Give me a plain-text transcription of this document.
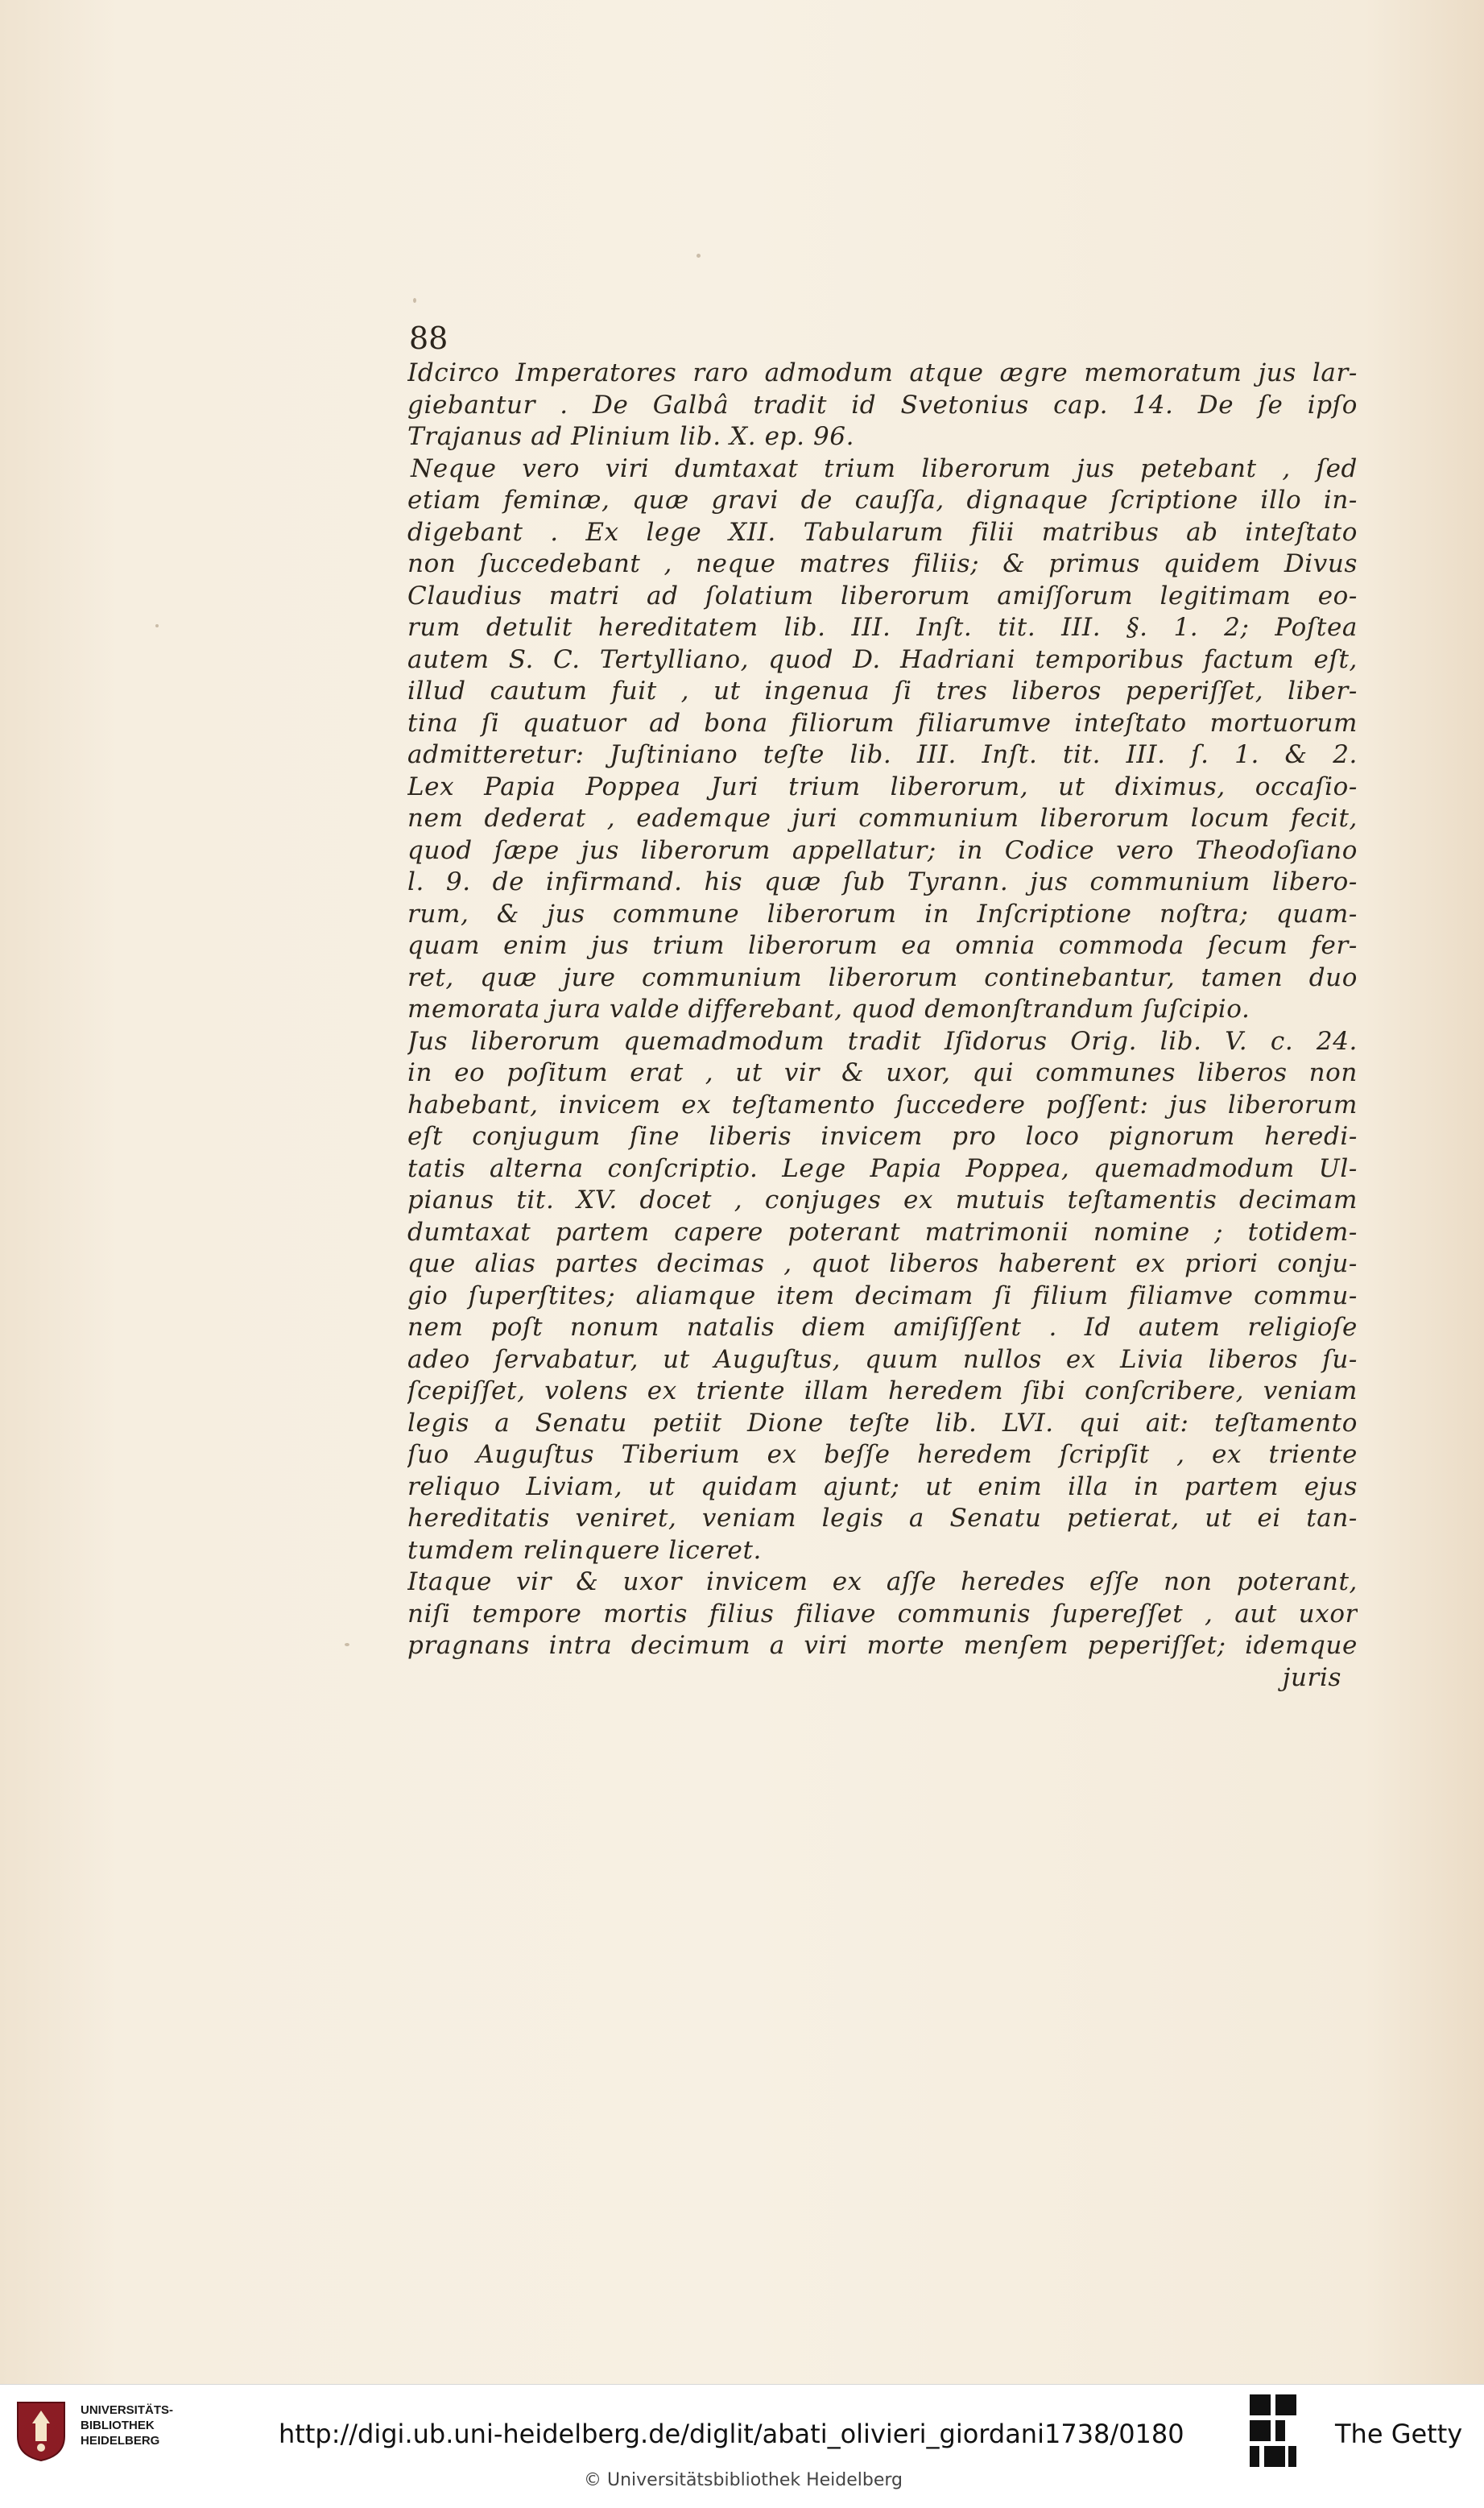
88
Idcirco Imperatores raro admodum atque ægre memoratum jus lar-
giebantur . De Galbâ tradit id Svetonius cap. 14. De ſe ipſo
Trajanus ad Plinium lib. X. ep. 96.
Neque vero viri dumtaxat trium liberorum jus petebant , ſed
etiam feminæ, quæ gravi de cauſſa, dignaque ſcriptione illo in-
digebant . Ex lege XII. Tabularum filii matribus ab inteſtato
non ſuccedebant , neque matres filiis; & primus quidem Divus
Claudius matri ad ſolatium liberorum amiſſorum legitimam eo-
rum detulit hereditatem lib. III. Inſt. tit. III. §. 1. 2; Poſtea
autem S. C. Tertylliano, quod D. Hadriani temporibus factum eſt,
illud cautum fuit , ut ingenua ſi tres liberos peperiſſet, liber-
tina ſi quatuor ad bona filiorum filiarumve inteſtato mortuorum
admitteretur: Juſtiniano teſte lib. III. Inſt. tit. III. ſ. 1. & 2.
Lex Papia Poppea Juri trium liberorum, ut diximus, occaſio-
nem dederat , eademque juri communium liberorum locum fecit,
quod ſæpe jus liberorum appellatur; in Codice vero Theodoſiano
l. 9. de infirmand. his quæ ſub Tyrann. jus communium libero-
rum, & jus commune liberorum in Inſcriptione noſtra; quam-
quam enim jus trium liberorum ea omnia commoda ſecum fer-
ret, quæ jure communium liberorum continebantur, tamen duo
memorata jura valde differebant, quod demonſtrandum ſuſcipio.
Jus liberorum quemadmodum tradit Iſidorus Orig. lib. V. c. 24.
in eo poſitum erat , ut vir & uxor, qui communes liberos non
habebant, invicem ex teſtamento ſuccedere poſſent: jus liberorum
eſt conjugum ſine liberis invicem pro loco pignorum heredi-
tatis alterna conſcriptio. Lege Papia Poppea, quemadmodum Ul-
pianus tit. XV. docet , conjuges ex mutuis teſtamentis decimam
dumtaxat partem capere poterant matrimonii nomine ; totidem-
que alias partes decimas , quot liberos haberent ex priori conju-
gio ſuperſtites; aliamque item decimam ſi filium filiamve commu-
nem poſt nonum natalis diem amiſiſſent . Id autem religioſe
adeo ſervabatur, ut Auguſtus, quum nullos ex Livia liberos ſu-
ſcepiſſet, volens ex triente illam heredem ſibi conſcribere, veniam
legis a Senatu petiit Dione teſte lib. LVI. qui ait: teſtamento
ſuo Auguſtus Tiberium ex beſſe heredem ſcripſit , ex triente
reliquo Liviam, ut quidam ajunt; ut enim illa in partem ejus
hereditatis veniret, veniam legis a Senatu petierat, ut ei tan-
tumdem relinquere liceret.
Itaque vir & uxor invicem ex aſſe heredes eſſe non poterant,
niſi tempore mortis filius filiave communis ſupereſſet , aut uxor
pragnans intra decimum a viri morte menſem peperiſſet; idemque
juris
UNIVERSITÄTS-
BIBLIOTHEK
HEIDELBERG	http://digi.ub.uni-heidelberg.de/diglit/abati_olivieri_giordani1738/0180
© Universitätsbibliothek Heidelberg
The Getty
